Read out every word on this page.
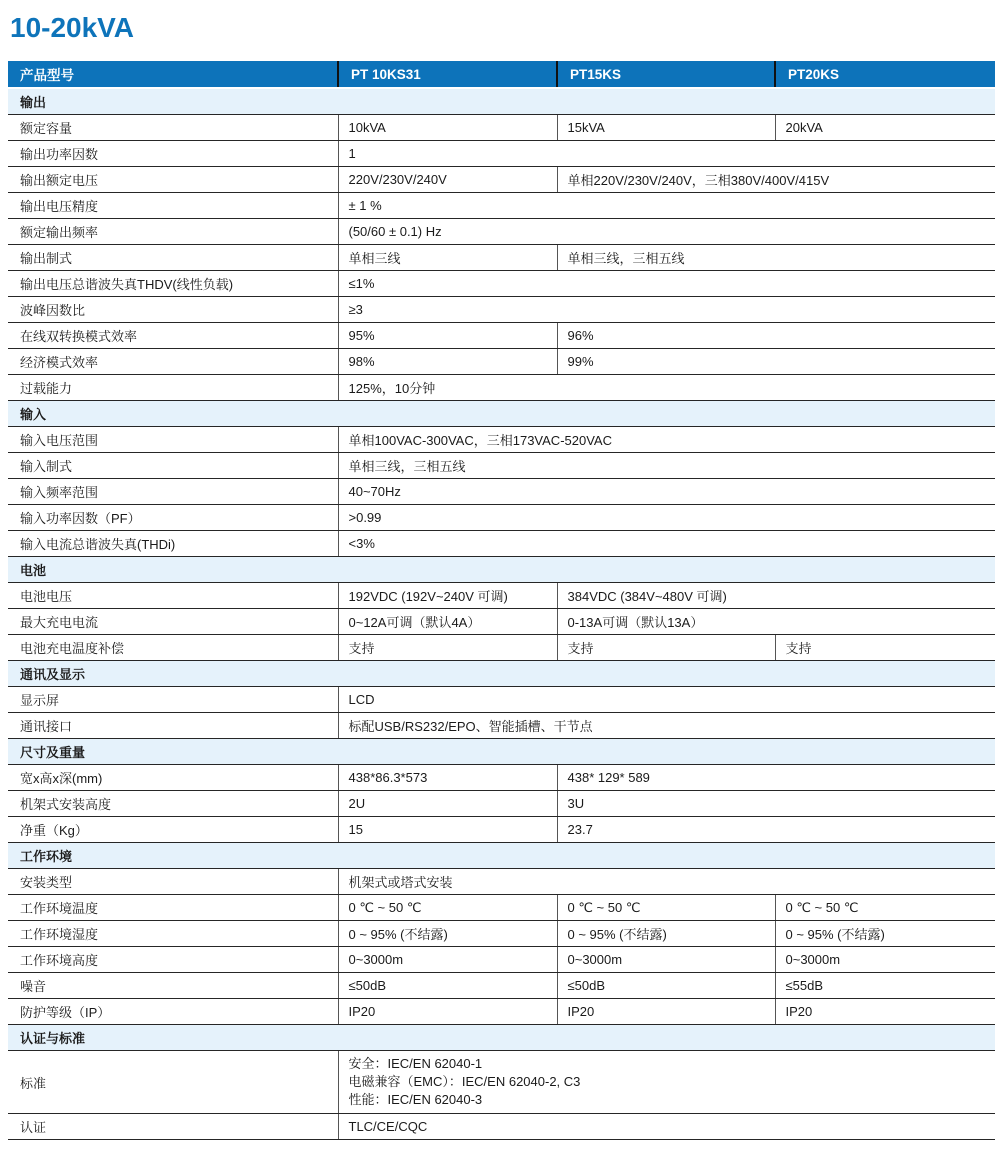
10-20kVA
产品型号	PT 10KS31	PT15KS	PT20KS
输出			
额定容量	10kVA	15kVA	20kVA
输出功率因数	1		
输出额定电压	220V/230V/240V	单相220V/230V/240V，三相380V/400V/415V	
输出电压精度	± 1 %		
额定输出频率	(50/60 ± 0.1) Hz		
输出制式	单相三线	单相三线，三相五线	
输出电压总谐波失真THDV(线性负载)	≤1%		
波峰因数比	≥3		
在线双转换模式效率	95%	96%	
经济模式效率	98%	99%	
过载能力	125%，10分钟		
输入			
输入电压范围	单相100VAC-300VAC，三相173VAC-520VAC		
输入制式	单相三线，三相五线		
输入频率范围	40~70Hz		
输入功率因数（PF）	>0.99		
输入电流总谐波失真(THDi)	<3%		
电池			
电池电压	192VDC (192V~240V 可调)	384VDC (384V~480V 可调)	
最大充电电流	0~12A可调（默认4A）	0-13A可调（默认13A）	
电池充电温度补偿	支持	支持	支持
通讯及显示			
显示屏	LCD		
通讯接口	标配USB/RS232/EPO、智能插槽、干节点		
尺寸及重量			
宽x高x深(mm)	438*86.3*573	438* 129* 589	
机架式安装高度	2U	3U	
净重（Kg）	15	23.7	
工作环境			
安装类型	机架式或塔式安装		
工作环境温度	0 ℃ ~ 50 ℃	0 ℃ ~ 50 ℃	0 ℃ ~ 50 ℃
工作环境湿度	0 ~ 95% (不结露)	0 ~ 95% (不结露)	0 ~ 95% (不结露)
工作环境高度	0~3000m	0~3000m	0~3000m
噪音	≤50dB	≤50dB	≤55dB
防护等级（IP）	IP20	IP20	IP20
认证与标准			
标准	安全：IEC/EN 62040-1
电磁兼容（EMC）：IEC/EN 62040-2, C3
性能：IEC/EN 62040-3		

认证	TLC/CE/CQC		
